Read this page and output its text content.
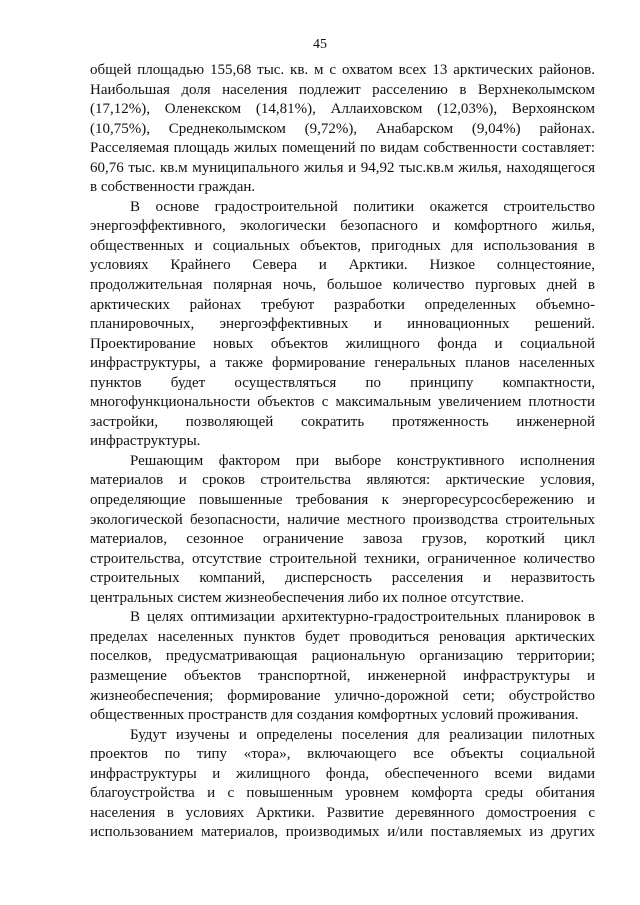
45

общей площадью 155,68 тыс. кв. м с охватом всех 13 арктических районов.
Наибольшая доля населения подлежит расселению в Верхнеколымском
(17,12%), Оленекском (14,81%), Аллаиховском (12,03%), Верхоянском
(10,75%), Среднеколымском (9,72%), Анабарском (9,04%) районах.
Расселяемая площадь жилых помещений по видам собственности составляет:
60,76 тыс. кв.м муниципального жилья и 94,92 тыс.кв.м жилья, находящегося
в собственности граждан.

В основе градостроительной политики окажется строительство
энергоэффективного, экологически безопасного и комфортного жилья,
общественных и социальных объектов, пригодных для использования в
условиях Крайнего Севера и Арктики. Низкое солнцестояние,
продолжительная полярная ночь, большое количество пурговых дней в
арктических районах требуют разработки определенных объемно-
планировочных, энергоэффективных и инновационных решений.
Проектирование новых объектов жилищного фонда и социальной
инфраструктуры, а также формирование генеральных планов населенных
пунктов будет осуществляться по принципу компактности,
многофункциональности объектов с максимальным увеличением плотности
застройки, позволяющей сократить протяженность инженерной
инфраструктуры.

Решающим фактором при выборе конструктивного исполнения
материалов и сроков строительства являются: арктические условия,
определяющие повышенные требования к энергоресурсосбережению и
экологической безопасности, наличие местного производства строительных
материалов, сезонное ограничение завоза грузов, короткий цикл
строительства, отсутствие строительной техники, ограниченное количество
строительных компаний, дисперсность расселения и неразвитость
центральных систем жизнеобеспечения либо их полное отсутствие.

В целях оптимизации архитектурно-градостроительных планировок в
пределах населенных пунктов будет проводиться реновация арктических
поселков, предусматривающая рациональную организацию территории;
размещение объектов транспортной, инженерной инфраструктуры и
жизнеобеспечения; формирование улично-дорожной сети; обустройство
общественных пространств для создания комфортных условий проживания.

Будут изучены и определены поселения для реализации пилотных
проектов по типу «тора», включающего все объекты социальной
инфраструктуры и жилищного фонда, обеспеченного всеми видами
благоустройства и с повышенным уровнем комфорта среды обитания
населения в условиях Арктики. Развитие деревянного домостроения с
использованием материалов, производимых и/или поставляемых из других
